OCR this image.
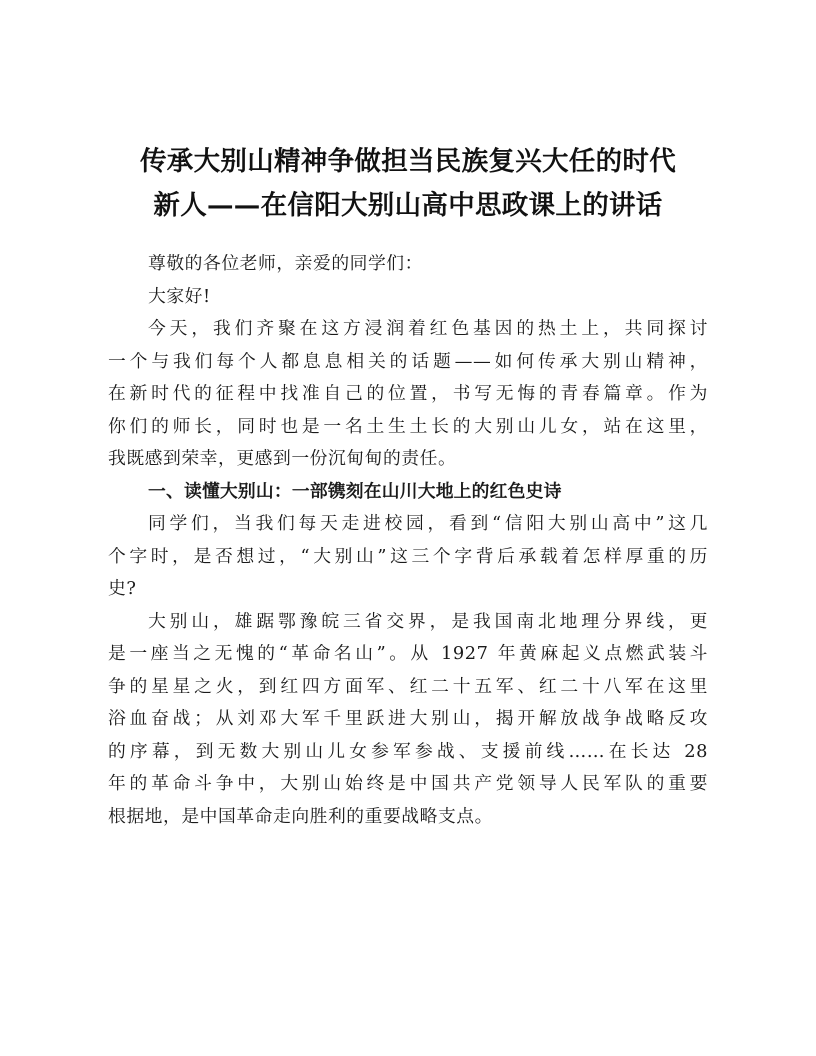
传承大别山精神争做担当民族复兴大任的时代
新人——在信阳大别山高中思政课上的讲话
尊敬的各位老师，亲爱的同学们：
大家好!
今天，我们齐聚在这方浸润着红色基因的热土上，共同探讨
一个与我们每个人都息息相关的话题——如何传承大别山精神，
在新时代的征程中找准自己的位置，书写无悔的青春篇章。作为
你们的师长，同时也是一名土生土长的大别山儿女，站在这里，
我既感到荣幸，更感到一份沉甸甸的责任。
一、读懂大别山：一部镌刻在山川大地上的红色史诗
同学们，当我们每天走进校园，看到“信阳大别山高中”这几
个字时，是否想过，“大别山”这三个字背后承载着怎样厚重的历
史?
大别山，雄踞鄂豫皖三省交界，是我国南北地理分界线，更
是一座当之无愧的“革命名山”。从 1927 年黄麻起义点燃武装斗
争的星星之火，到红四方面军、红二十五军、红二十八军在这里
浴血奋战；从刘邓大军千里跃进大别山，揭开解放战争战略反攻
的序幕，到无数大别山儿女参军参战、支援前线……在长达 28
年的革命斗争中，大别山始终是中国共产党领导人民军队的重要
根据地，是中国革命走向胜利的重要战略支点。
